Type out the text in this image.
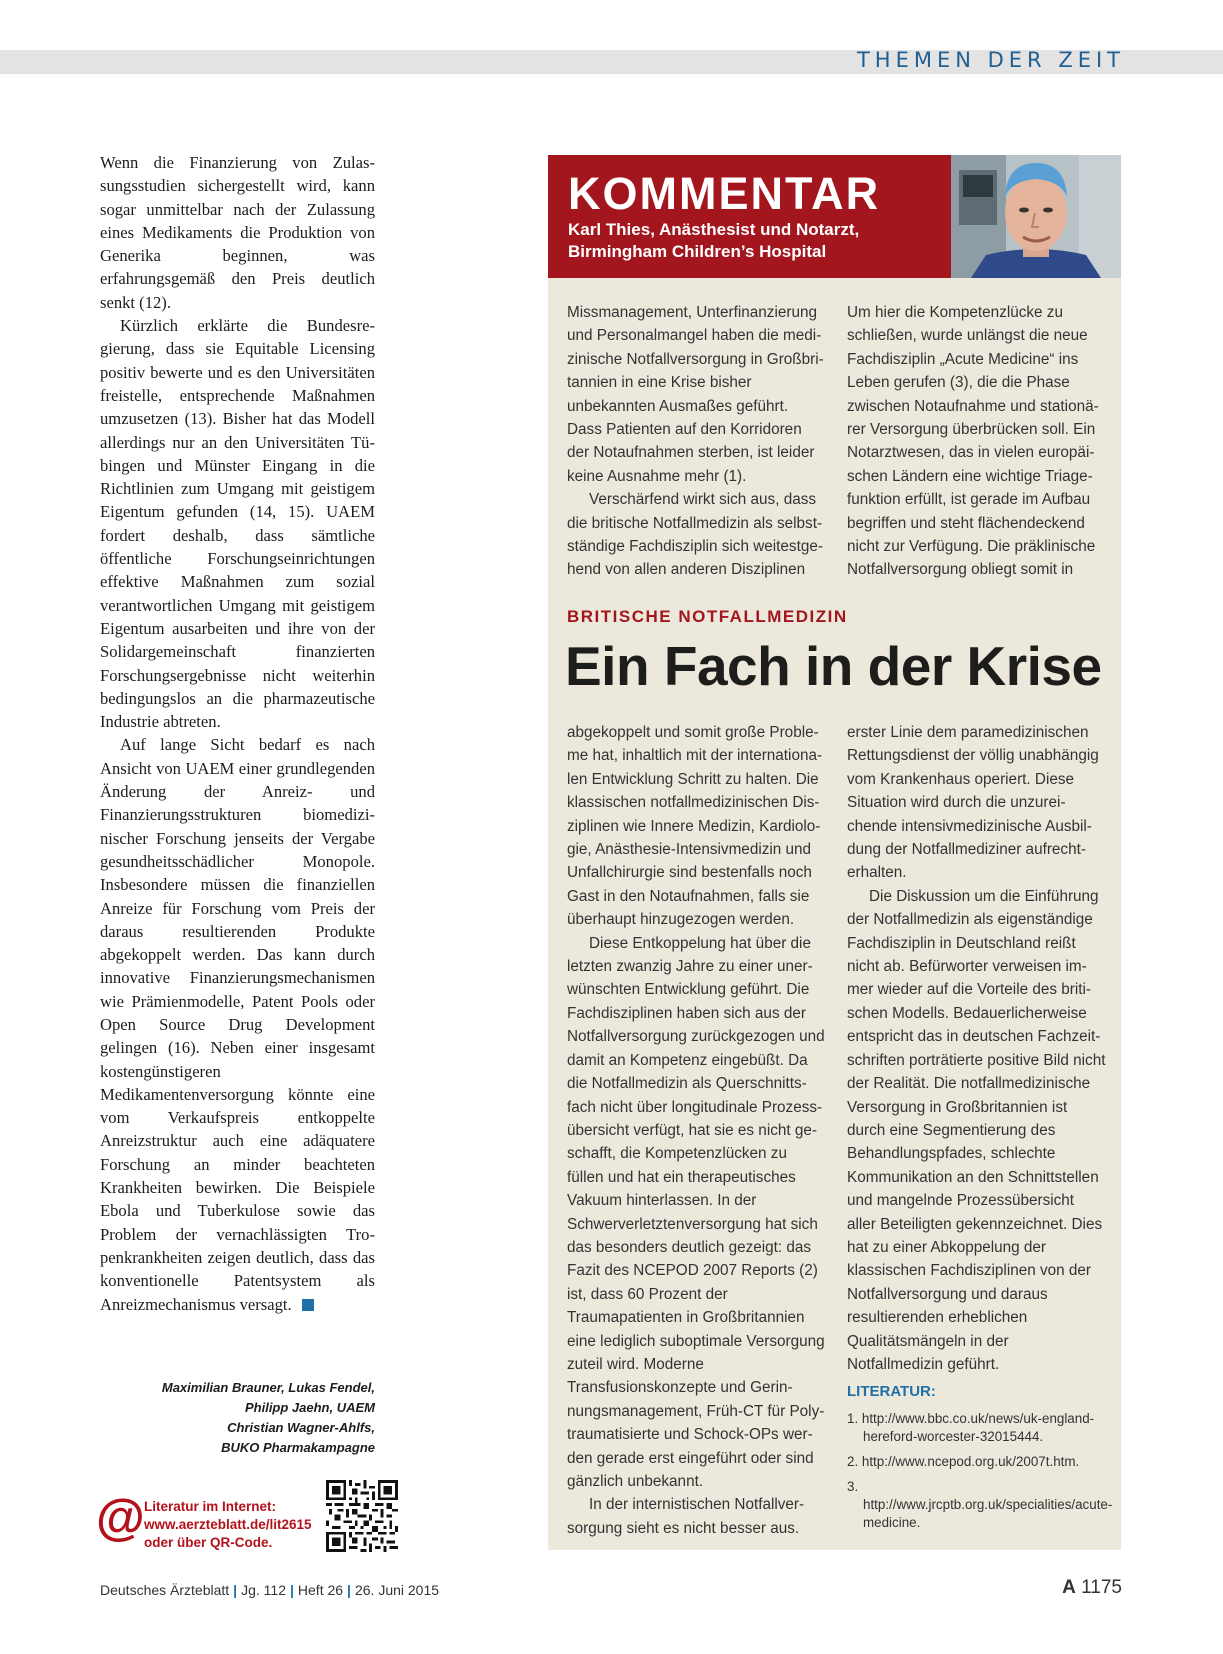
THEMEN DER ZEIT

Wenn die Finanzierung von Zulassungsstudien sichergestellt wird, kann sogar unmittelbar nach der Zulassung eines Medikaments die Produktion von Generika beginnen, was erfahrungsgemäß den Preis deutlich senkt (12).

Kürzlich erklärte die Bundesregierung, dass sie Equitable Licensing positiv bewerte und es den Universitäten freistelle, entsprechende Maßnahmen umzusetzen (13). Bisher hat das Modell allerdings nur an den Universitäten Tübingen und Münster Eingang in die Richtlinien zum Umgang mit geistigem Eigentum gefunden (14, 15). UAEM fordert deshalb, dass sämtliche öffentliche Forschungseinrichtungen effektive Maßnahmen zum sozial verantwortlichen Umgang mit geistigem Eigentum ausarbeiten und ihre von der Solidargemeinschaft finanzierten Forschungsergebnisse nicht weiterhin bedingungslos an die pharmazeutische Industrie abtreten.

Auf lange Sicht bedarf es nach Ansicht von UAEM einer grundlegenden Änderung der Anreiz- und Finanzierungsstrukturen biomedizinischer Forschung jenseits der Vergabe gesundheitsschädlicher Monopole. Insbesondere müssen die finanziellen Anreize für Forschung vom Preis der daraus resultierenden Produkte abgekoppelt werden. Das kann durch innovative Finanzierungsmechanismen wie Prämienmodelle, Patent Pools oder Open Source Drug Development gelingen (16). Neben einer insgesamt kostengünstigeren Medikamentenversorgung könnte eine vom Verkaufspreis entkoppelte Anreizstruktur auch eine adäquatere Forschung an minder beachteten Krankheiten bewirken. Die Beispiele Ebola und Tuberkulose sowie das Problem der vernachlässigten Tropenkrankheiten zeigen deutlich, dass das konventionelle Patentsystem als Anreizmechanismus versagt.

Maximilian Brauner, Lukas Fendel,
Philipp Jaehn, UAEM
Christian Wagner-Ahlfs,
BUKO Pharmakampagne
@ Literatur im Internet:
www.aerzteblatt.de/lit2615
oder über QR-Code.
KOMMENTAR
Karl Thies, Anästhesist und Notarzt,
Birmingham Children’s Hospital

Missmanagement, Unterfinanzierung und Personalmangel haben die medizinische Notfallversorgung in Großbritannien in eine Krise bisher unbekannten Ausmaßes geführt. Dass Patienten auf den Korridoren der Notaufnahmen sterben, ist leider keine Ausnahme mehr (1).

Verschärfend wirkt sich aus, dass die britische Notfallmedizin als selbstständige Fachdisziplin sich weitestgehend von allen anderen Disziplinen

Um hier die Kompetenzlücke zu schließen, wurde unlängst die neue Fachdisziplin „Acute Medicine“ ins Leben gerufen (3), die die Phase zwischen Notaufnahme und stationärer Versorgung überbrücken soll. Ein Notarztwesen, das in vielen europäischen Ländern eine wichtige Triagefunktion erfüllt, ist gerade im Aufbau begriffen und steht flächendeckend nicht zur Verfügung. Die präklinische Notfallversorgung obliegt somit in

BRITISCHE NOTFALLMEDIZIN
Ein Fach in der Krise

abgekoppelt und somit große Probleme hat, inhaltlich mit der internationalen Entwicklung Schritt zu halten. Die klassischen notfallmedizinischen Disziplinen wie Innere Medizin, Kardiologie, Anästhesie-Intensivmedizin und Unfallchirurgie sind bestenfalls noch Gast in den Notaufnahmen, falls sie überhaupt hinzugezogen werden.

Diese Entkoppelung hat über die letzten zwanzig Jahre zu einer unerwünschten Entwicklung geführt. Die Fachdisziplinen haben sich aus der Notfallversorgung zurückgezogen und damit an Kompetenz eingebüßt. Da die Notfallmedizin als Querschnittsfach nicht über longitudinale Prozessübersicht verfügt, hat sie es nicht geschafft, die Kompetenzlücken zu füllen und hat ein therapeutisches Vakuum hinterlassen. In der Schwerverletztenversorgung hat sich das besonders deutlich gezeigt: das Fazit des NCEPOD 2007 Reports (2) ist, dass 60 Prozent der Traumapatienten in Großbritannien eine lediglich suboptimale Versorgung zuteil wird. Moderne Transfusionskonzepte und Gerinnungsmanagement, Früh-CT für Polytraumatisierte und Schock-OPs werden gerade erst eingeführt oder sind gänzlich unbekannt.

In der internistischen Notfallversorgung sieht es nicht besser aus.

erster Linie dem paramedizinischen Rettungsdienst der völlig unabhängig vom Krankenhaus operiert. Diese Situation wird durch die unzureichende intensivmedizinische Ausbildung der Notfallmediziner aufrechterhalten.

Die Diskussion um die Einführung der Notfallmedizin als eigenständige Fachdisziplin in Deutschland reißt nicht ab. Befürworter verweisen immer wieder auf die Vorteile des britischen Modells. Bedauerlicherweise entspricht das in deutschen Fachzeitschriften porträtierte positive Bild nicht der Realität. Die notfallmedizinische Versorgung in Großbritannien ist durch eine Segmentierung des Behandlungspfades, schlechte Kommunikation an den Schnittstellen und mangelnde Prozessübersicht aller Beteiligten gekennzeichnet. Dies hat zu einer Abkoppelung der klassischen Fachdisziplinen von der Notfallversorgung und daraus resultierenden erheblichen Qualitätsmängeln in der Notfallmedizin geführt.

LITERATUR:
1. http://www.bbc.co.uk/news/uk-england-hereford-worcester-32015444.
2. http://www.ncepod.org.uk/2007t.htm.
3. http://www.jrcptb.org.uk/specialities/acute-medicine.
Deutsches Ärzteblatt | Jg. 112 | Heft 26 | 26. Juni 2015	A 1175
